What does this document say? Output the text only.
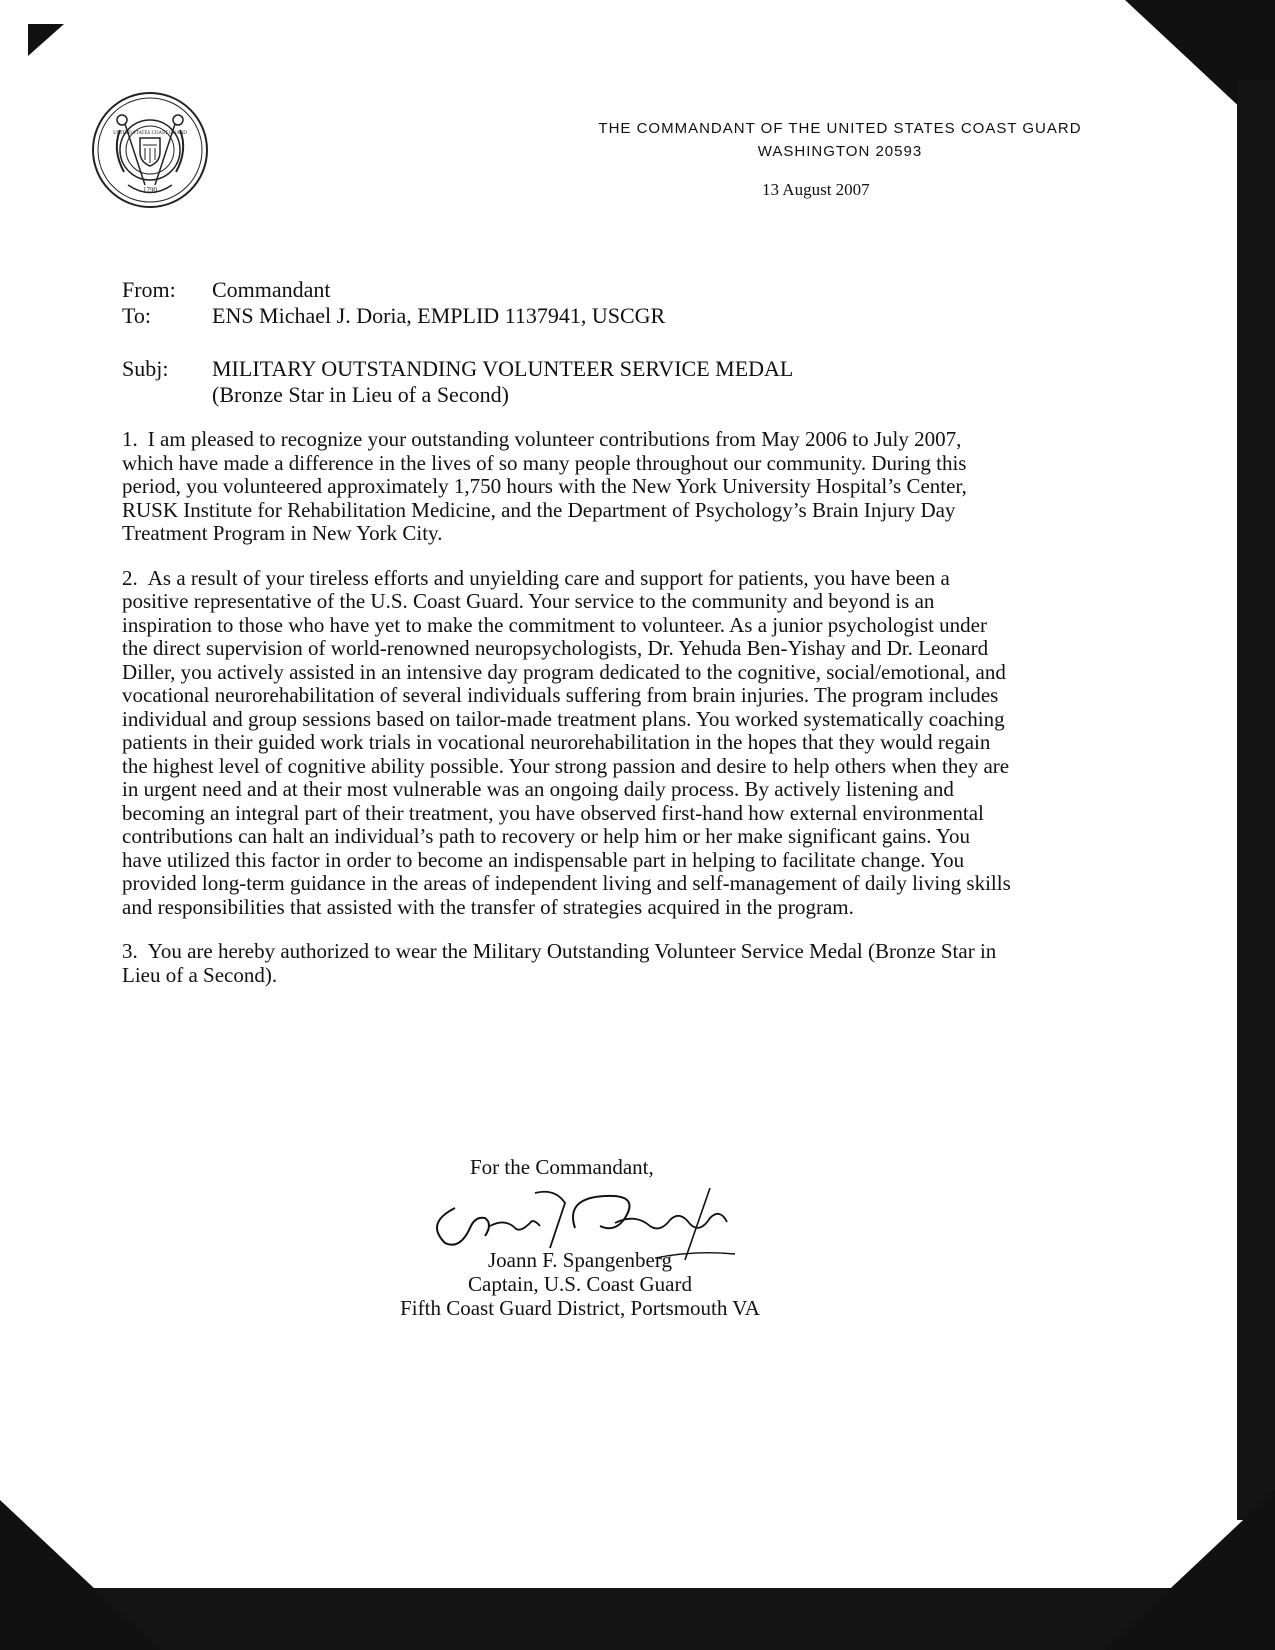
1790
UNITED STATES COAST GUARD	THE COMMANDANT OF THE UNITED STATES COAST GUARD
WASHINGTON 20593
13 August 2007
From:	Commandant
To:	ENS Michael J. Doria, EMPLID 1137941, USCGR
Subj:	MILITARY OUTSTANDING VOLUNTEER SERVICE MEDAL
(Bronze Star in Lieu of a Second)

1. I am pleased to recognize your outstanding volunteer contributions from May 2006 to July 2007, which have made a difference in the lives of so many people throughout our community. During this period, you volunteered approximately 1,750 hours with the New York University Hospital’s Center, RUSK Institute for Rehabilitation Medicine, and the Department of Psychology’s Brain Injury Day Treatment Program in New York City.

2. As a result of your tireless efforts and unyielding care and support for patients, you have been a positive representative of the U.S. Coast Guard. Your service to the community and beyond is an inspiration to those who have yet to make the commitment to volunteer. As a junior psychologist under the direct supervision of world-renowned neuropsychologists, Dr. Yehuda Ben-Yishay and Dr. Leonard Diller, you actively assisted in an intensive day program dedicated to the cognitive, social/emotional, and vocational neurorehabilitation of several individuals suffering from brain injuries. The program includes individual and group sessions based on tailor-made treatment plans. You worked systematically coaching patients in their guided work trials in vocational neurorehabilitation in the hopes that they would regain the highest level of cognitive ability possible. Your strong passion and desire to help others when they are in urgent need and at their most vulnerable was an ongoing daily process. By actively listening and becoming an integral part of their treatment, you have observed first-hand how external environmental contributions can halt an individual’s path to recovery or help him or her make significant gains. You have utilized this factor in order to become an indispensable part in helping to facilitate change. You provided long-term guidance in the areas of independent living and self-management of daily living skills and responsibilities that assisted with the transfer of strategies acquired in the program.

3. You are hereby authorized to wear the Military Outstanding Volunteer Service Medal (Bronze Star in Lieu of a Second).

For the Commandant,
Joann F. Spangenberg
Captain, U.S. Coast Guard
Fifth Coast Guard District, Portsmouth VA
